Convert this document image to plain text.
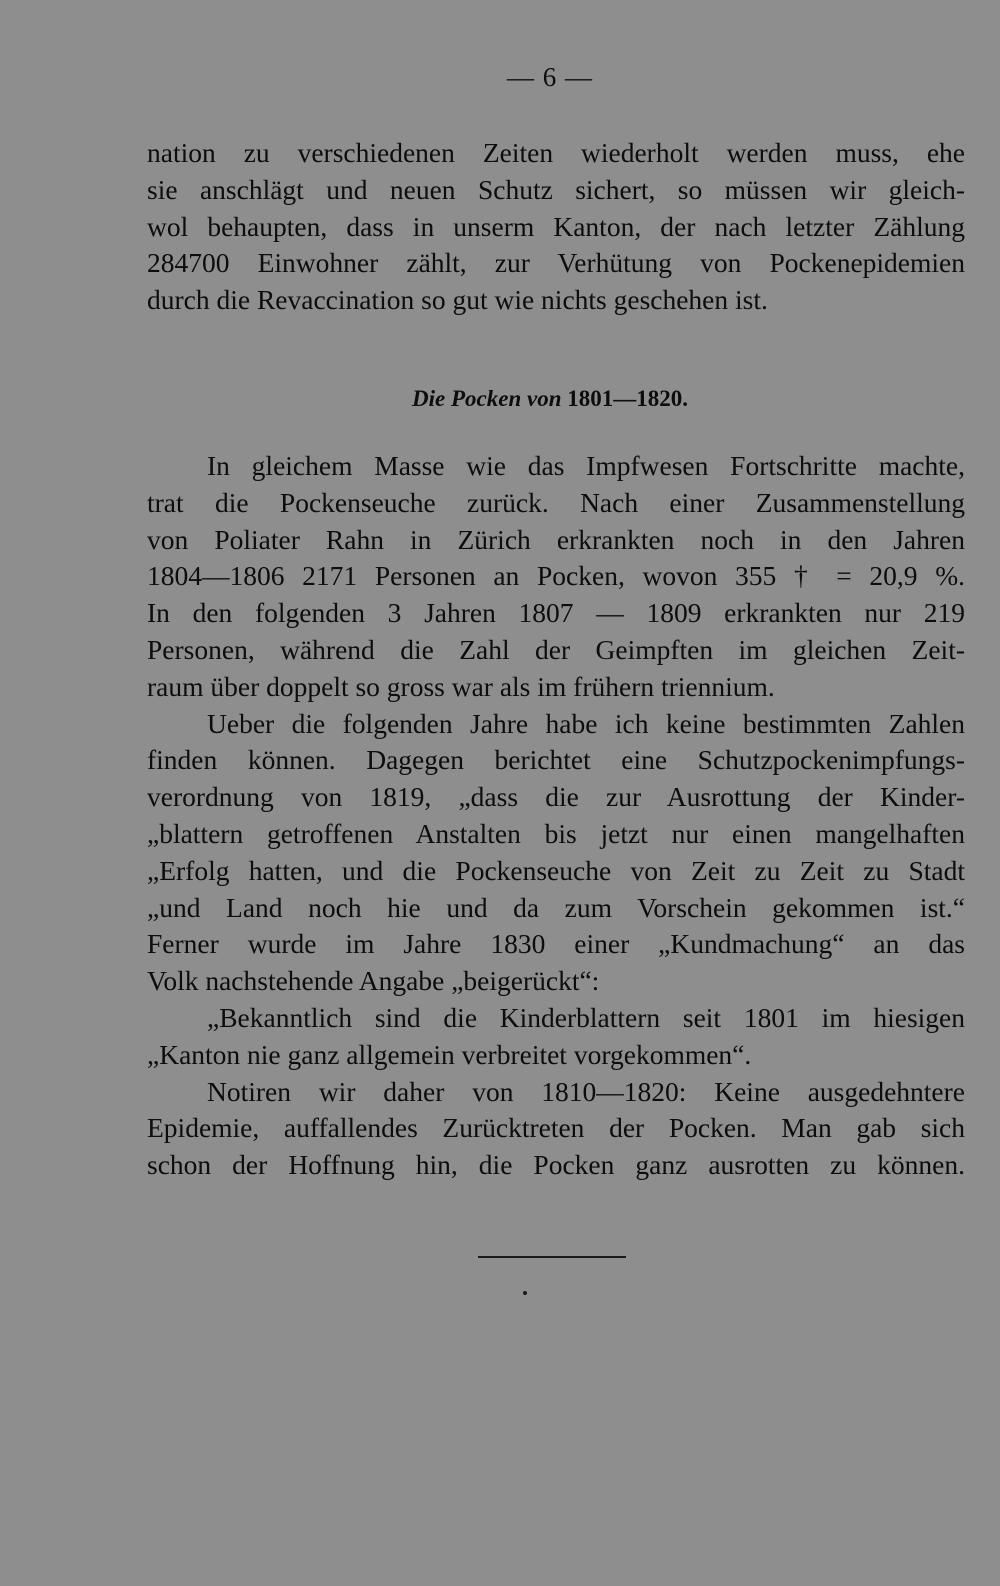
— 6 —
nation zu verschiedenen Zeiten wiederholt werden muss, ehe
sie anschlägt und neuen Schutz sichert, so müssen wir gleich-
wol behaupten, dass in unserm Kanton, der nach letzter Zählung
284700 Einwohner zählt, zur Verhütung von Pockenepidemien
durch die Revaccination so gut wie nichts geschehen ist.
Die Pocken von 1801—1820.
In gleichem Masse wie das Impfwesen Fortschritte machte,
trat die Pockenseuche zurück. Nach einer Zusammenstellung
von Poliater Rahn in Zürich erkrankten noch in den Jahren
1804—1806 2171 Personen an Pocken, wovon 355 † = 20,9 %.
In den folgenden 3 Jahren 1807 — 1809 erkrankten nur 219
Personen, während die Zahl der Geimpften im gleichen Zeit-
raum über doppelt so gross war als im frühern triennium.
Ueber die folgenden Jahre habe ich keine bestimmten Zahlen
finden können. Dagegen berichtet eine Schutzpockenimpfungs-
verordnung von 1819, „dass die zur Ausrottung der Kinder-
„blattern getroffenen Anstalten bis jetzt nur einen mangelhaften
„Erfolg hatten, und die Pockenseuche von Zeit zu Zeit zu Stadt
„und Land noch hie und da zum Vorschein gekommen ist.“
Ferner wurde im Jahre 1830 einer „Kundmachung“ an das
Volk nachstehende Angabe „beigerückt“:
„Bekanntlich sind die Kinderblattern seit 1801 im hiesigen
„Kanton nie ganz allgemein verbreitet vorgekommen“.
Notiren wir daher von 1810—1820: Keine ausgedehntere
Epidemie, auffallendes Zurücktreten der Pocken. Man gab sich
schon der Hoffnung hin, die Pocken ganz ausrotten zu können.
